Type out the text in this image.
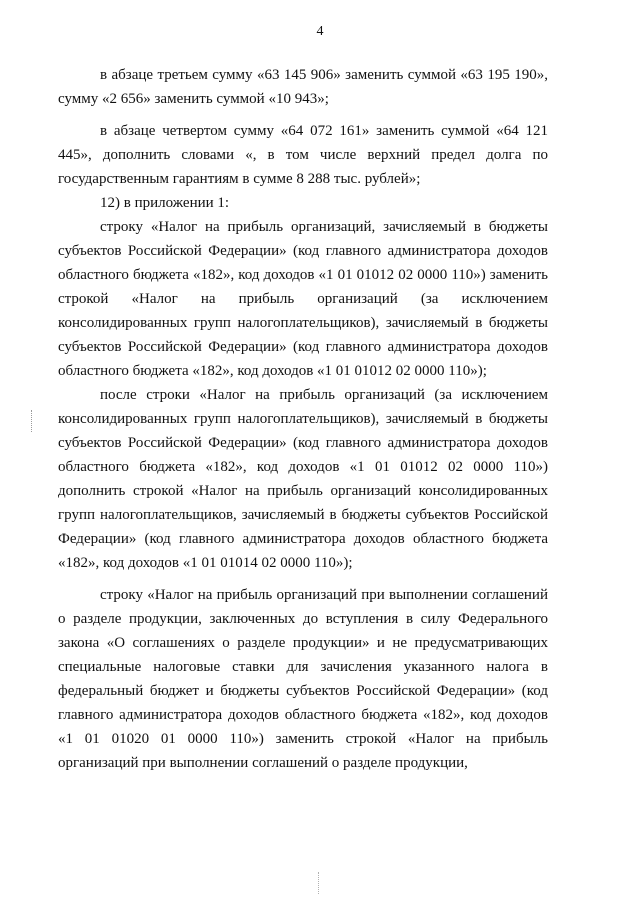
4

в абзаце третьем сумму «63 145 906» заменить суммой «63 195 190», сумму «2 656» заменить суммой «10 943»;

в абзаце четвертом сумму «64 072 161» заменить суммой «64 121 445», дополнить словами «, в том числе верхний предел долга по государственным гарантиям в сумме 8 288 тыс. рублей»;

12) в приложении 1:

строку «Налог на прибыль организаций, зачисляемый в бюджеты субъектов Российской Федерации» (код главного администратора доходов областного бюджета «182», код доходов «1 01 01012 02 0000 110») заменить строкой «Налог на прибыль организаций (за исключением консолидированных групп налогоплательщиков), зачисляемый в бюджеты субъектов Российской Федерации» (код главного администратора доходов областного бюджета «182», код доходов «1 01 01012 02 0000 110»);

после строки «Налог на прибыль организаций (за исключением консолидированных групп налогоплательщиков), зачисляемый в бюджеты субъектов Российской Федерации» (код главного администратора доходов областного бюджета «182», код доходов «1 01 01012 02 0000 110») дополнить строкой «Налог на прибыль организаций консолидированных групп налогоплательщиков, зачисляемый в бюджеты субъектов Российской Федерации» (код главного администратора доходов областного бюджета «182», код доходов «1 01 01014 02 0000 110»);

строку «Налог на прибыль организаций при выполнении соглашений о разделе продукции, заключенных до вступления в силу Федерального закона «О соглашениях о разделе продукции» и не предусматривающих специальные налоговые ставки для зачисления указанного налога в федеральный бюджет и бюджеты субъектов Российской Федерации» (код главного администратора доходов областного бюджета «182», код доходов «1 01 01020 01 0000 110») заменить строкой «Налог на прибыль организаций при выполнении соглашений о разделе продукции,
